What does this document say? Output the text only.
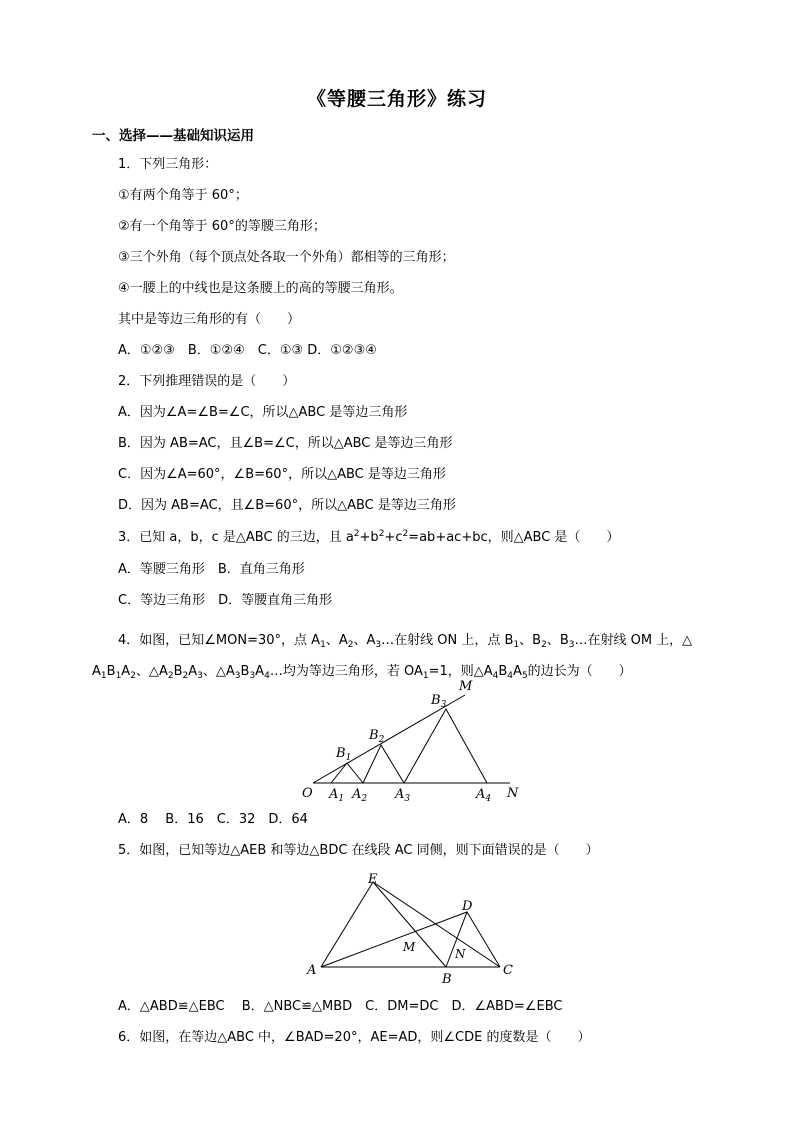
《等腰三角形》练习
一、选择——基础知识运用
1．下列三角形：
①有两个角等于 60°；
②有一个角等于 60°的等腰三角形；
③三个外角（每个顶点处各取一个外角）都相等的三角形；
④一腰上的中线也是这条腰上的高的等腰三角形。
其中是等边三角形的有（　　）
A．①②③　B．①②④　C．①③ D．①②③④
2．下列推理错误的是（　　）
A．因为∠A=∠B=∠C，所以△ABC 是等边三角形
B．因为 AB=AC，且∠B=∠C，所以△ABC 是等边三角形
C．因为∠A=60°，∠B=60°，所以△ABC 是等边三角形
D．因为 AB=AC，且∠B=60°，所以△ABC 是等边三角形
3．已知 a，b，c 是△ABC 的三边，且 $a^2+b^2+c^2=ab+ac+bc$，则△ABC 是（　　）
A．等腰三角形　B．直角三角形
C．等边三角形　D．等腰直角三角形
4．如图，已知∠MON=30°，点 $A_1$、$A_2$、$A_3\dots$在射线 ON 上，点 $B_1$、$B_2$、$B_3\dots$在射线 OM 上，△ $A_1B_1A_2$、$\triangle A_2B_2A_3$、$\triangle A_3B_3A_4\dots$均为等边三角形，若 $OA_1=1$，则$\triangle A_4B_4A_5$的边长为（　　）
O	N
M
$B_1$
$B_2$
$B_3$
$A_1$ $A_2$ $A_3$	$A_4$
A．8　 B．16　C．32　D．64
5．如图，已知等边△AEB 和等边△BDC 在线段 AC 同侧，则下面错误的是（　　）
E
D
A
B
C
M	N
A．△ABD≌△EBC　 B．△NBC≌△MBD　C．DM=DC　D．∠ABD=∠EBC
6．如图，在等边△ABC 中，∠BAD=20°，AE=AD，则∠CDE 的度数是（　　）
